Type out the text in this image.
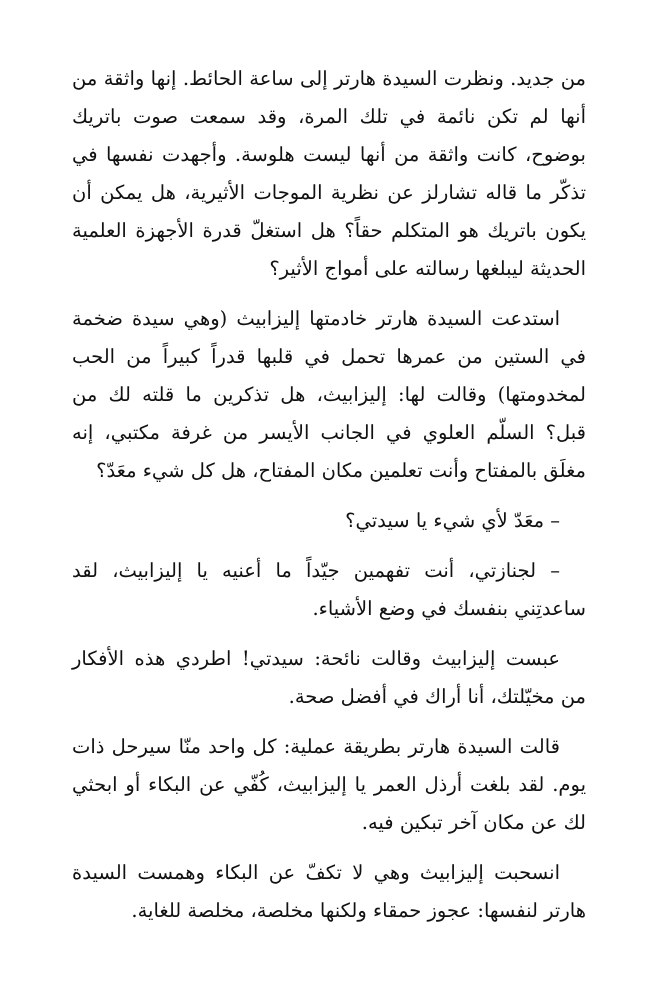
من جديد. ونظرت السيدة هارتر إلى ساعة الحائط. إنها واثقة من أنها لم تكن نائمة في تلك المرة، وقد سمعت صوت باتريك بوضوح، كانت واثقة من أنها ليست هلوسة. وأجهدت نفسها في تذكّر ما قاله تشارلز عن نظرية الموجات الأثيرية، هل يمكن أن يكون باتريك هو المتكلم حقاً؟ هل استغلّ قدرة الأجهزة العلمية الحديثة ليبلغها رسالته على أمواج الأثير؟

استدعت السيدة هارتر خادمتها إليزابيث (وهي سيدة ضخمة في الستين من عمرها تحمل في قلبها قدراً كبيراً من الحب لمخدومتها) وقالت لها: إليزابيث، هل تذكرين ما قلته لك من قبل؟ السلّم العلوي في الجانب الأيسر من غرفة مكتبي، إنه مغلَق بالمفتاح وأنت تعلمين مكان المفتاح، هل كل شيء معَدّ؟

– معَدّ لأي شيء يا سيدتي؟

– لجنازتي، أنت تفهمين جيّداً ما أعنيه يا إليزابيث، لقد ساعدتِني بنفسك في وضع الأشياء.

عبست إليزابيث وقالت نائحة: سيدتي! اطردي هذه الأفكار من مخيّلتك، أنا أراك في أفضل صحة.

قالت السيدة هارتر بطريقة عملية: كل واحد منّا سيرحل ذات يوم. لقد بلغت أرذل العمر يا إليزابيث، كُفّي عن البكاء أو ابحثي لك عن مكان آخر تبكين فيه.

انسحبت إليزابيث وهي لا تكفّ عن البكاء وهمست السيدة هارتر لنفسها: عجوز حمقاء ولكنها مخلصة، مخلصة للغاية.
